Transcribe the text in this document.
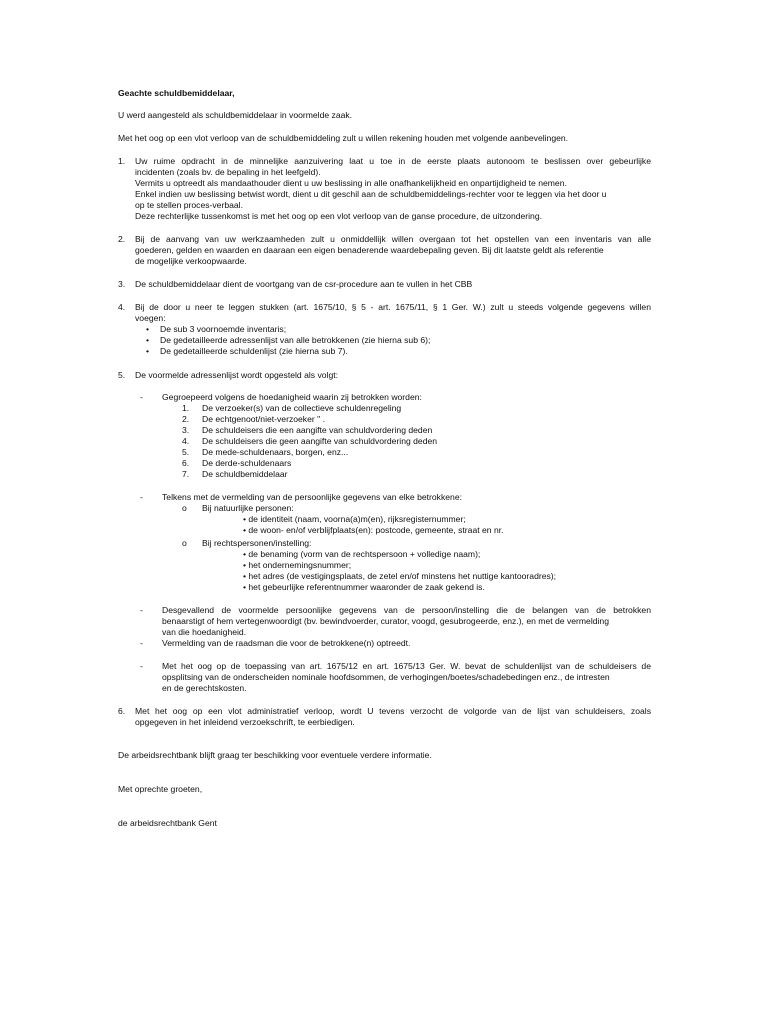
Geachte schuldbemiddelaar,
U werd aangesteld als schuldbemiddelaar in voormelde zaak.
Met het oog op een vlot verloop van de schuldbemiddeling zult u willen rekening houden met volgende aanbevelingen.
1. Uw ruime opdracht in de minnelijke aanzuivering laat u toe in de eerste plaats autonoom te beslissen over gebeurlijke
incidenten (zoals bv. de bepaling in het leefgeld).
Vermits u optreedt als mandaathouder dient u uw beslissing in alle onafhankelijkheid en onpartijdigheid te nemen.
Enkel indien uw beslissing betwist wordt, dient u dit geschil aan de schuldbemiddelings-rechter voor te leggen via het door u
op te stellen proces-verbaal.
Deze rechterlijke tussenkomst is met het oog op een vlot verloop van de ganse procedure, de uitzondering.
2. Bij de aanvang van uw werkzaamheden zult u onmiddellijk willen overgaan tot het opstellen van een inventaris van alle
goederen, gelden en waarden en daaraan een eigen benaderende waardebepaling geven. Bij dit laatste geldt als referentie
de mogelijke verkoopwaarde.
3. De schuldbemiddelaar dient de voortgang van de csr-procedure aan te vullen in het CBB
4. Bij de door u neer te leggen stukken (art. 1675/10, § 5 - art. 1675/11, § 1 Ger. W.) zult u steeds volgende gegevens willen
voegen:
• De sub 3 voornoemde inventaris;
• De gedetailleerde adressenlijst van alle betrokkenen (zie hierna sub 6);
• De gedetailleerde schuldenlijst (zie hierna sub 7).
5. De voormelde adressenlijst wordt opgesteld als volgt:
- Gegroepeerd volgens de hoedanigheid waarin zij betrokken worden:
1. De verzoeker(s) van de collectieve schuldenregeling
2. De echtgenoot/niet-verzoeker " .
3. De schuldeisers die een aangifte van schuldvordering deden
4. De schuldeisers die geen aangifte van schuldvordering deden
5. De mede-schuldenaars, borgen, enz...
6. De derde-schuldenaars
7. De schuldbemiddelaar
- Telkens met de vermelding van de persoonlijke gegevens van elke betrokkene:
o Bij natuurlijke personen:
• de identiteit (naam, voorna(a)m(en), rijksregisternummer;
• de woon- en/of verblijfplaats(en): postcode, gemeente, straat en nr.
o Bij rechtspersonen/instelling:
• de benaming (vorm van de rechtspersoon + volledige naam);
• het ondernemingsnummer;
• het adres (de vestigingsplaats, de zetel en/of minstens het nuttige kantooradres);
• het gebeurlijke referentnummer waaronder de zaak gekend is.
- Desgevallend de voormelde persoonlijke gegevens van de persoon/instelling die de belangen van de betrokken
benaarstigt of hem vertegenwoordigt (bv. bewindvoerder, curator, voogd, gesubrogeerde, enz.), en met de vermelding
van die hoedanigheid.
- Vermelding van de raadsman die voor de betrokkene(n) optreedt.
- Met het oog op de toepassing van art. 1675/12 en art. 1675/13 Ger. W. bevat de schuldenlijst van de schuldeisers de
opsplitsing van de onderscheiden nominale hoofdsommen, de verhogingen/boetes/schadebedingen enz., de intresten
en de gerechtskosten.
6. Met het oog op een vlot administratief verloop, wordt U tevens verzocht de volgorde van de lijst van schuldeisers, zoals
opgegeven in het inleidend verzoekschrift, te eerbiedigen.
De arbeidsrechtbank blijft graag ter beschikking voor eventuele verdere informatie.
Met oprechte groeten,
de arbeidsrechtbank Gent
